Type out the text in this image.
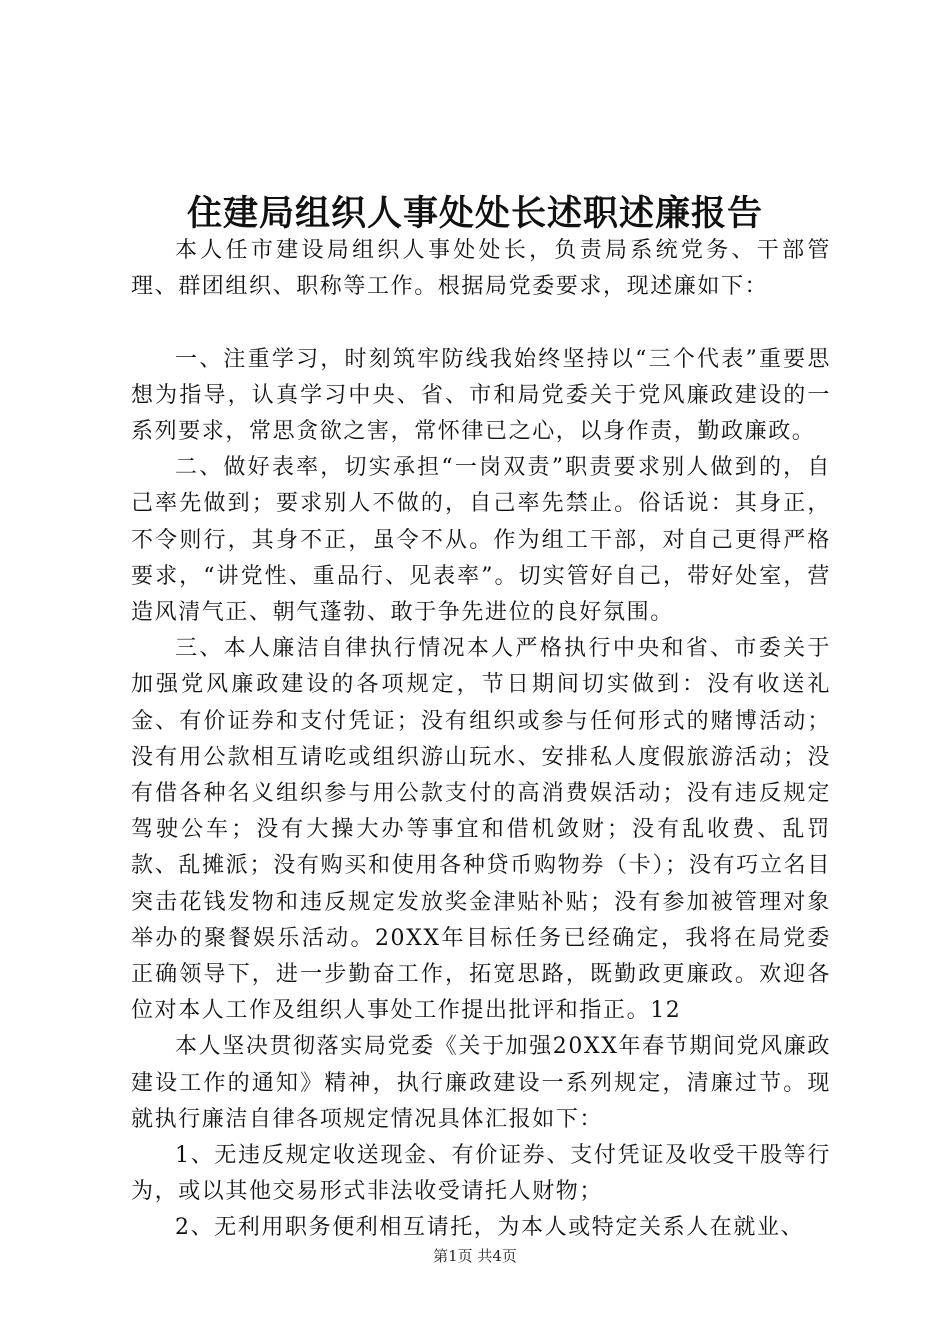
住建局组织人事处处长述职述廉报告

本人任市建设局组织人事处处长，负责局系统党务、干部管理、群团组织、职称等工作。根据局党委要求，现述廉如下：

一、注重学习，时刻筑牢防线我始终坚持以“三个代表”重要思想为指导，认真学习中央、省、市和局党委关于党风廉政建设的一系列要求，常思贪欲之害，常怀律已之心，以身作责，勤政廉政。

二、做好表率，切实承担“一岗双责”职责要求别人做到的，自己率先做到；要求别人不做的，自己率先禁止。俗话说：其身正，不令则行，其身不正，虽令不从。作为组工干部，对自己更得严格要求，“讲党性、重品行、见表率”。切实管好自己，带好处室，营造风清气正、朝气蓬勃、敢于争先进位的良好氛围。

三、本人廉洁自律执行情况本人严格执行中央和省、市委关于加强党风廉政建设的各项规定，节日期间切实做到：没有收送礼金、有价证券和支付凭证；没有组织或参与任何形式的赌博活动；没有用公款相互请吃或组织游山玩水、安排私人度假旅游活动；没有借各种名义组织参与用公款支付的高消费娱活动；没有违反规定驾驶公车；没有大操大办等事宜和借机敛财；没有乱收费、乱罚款、乱摊派；没有购买和使用各种贷币购物券（卡）；没有巧立名目突击花钱发物和违反规定发放奖金津贴补贴；没有参加被管理对象举办的聚餐娱乐活动。20XX年目标任务已经确定，我将在局党委正确领导下，进一步勤奋工作，拓宽思路，既勤政更廉政。欢迎各位对本人工作及组织人事处工作提出批评和指正。12

本人坚决贯彻落实局党委《关于加强20XX年春节期间党风廉政建设工作的通知》精神，执行廉政建设一系列规定，清廉过节。现就执行廉洁自律各项规定情况具体汇报如下：

1、无违反规定收送现金、有价证券、支付凭证及收受干股等行为，或以其他交易形式非法收受请托人财物；

2、无利用职务便利相互请托，为本人或特定关系人在就业、

第1页 共4页
